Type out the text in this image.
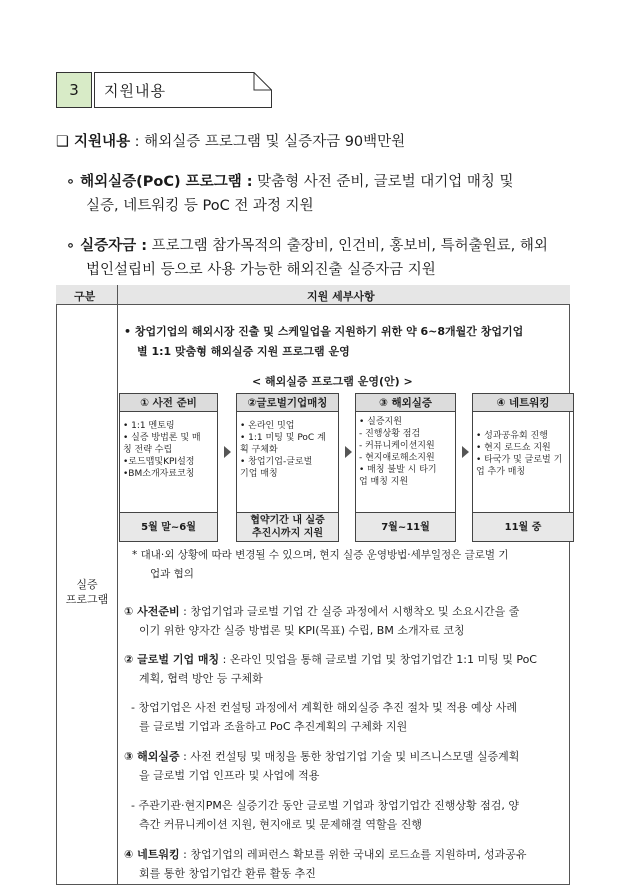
3 지원내용
❑ 지원내용 : 해외실증 프로그램 및 실증자금 90백만원
∘ 해외실증(PoC) 프로그램 : 맞춤형 사전 준비, 글로벌 대기업 매칭 및
실증, 네트워킹 등 PoC 전 과정 지원
∘ 실증자금 : 프로그램 참가목적의 출장비, 인건비, 홍보비, 특허출원료, 해외
법인설립비 등으로 사용 가능한 해외진출 실증자금 지원
구분	지원 세부사항
실증
프로그램
• 창업기업의 해외시장 진출 및 스케일업을 지원하기 위한 약 6~8개월간 창업기업
별 1:1 맞춤형 해외실증 지원 프로그램 운영
< 해외실증 프로그램 운영(안) >
① 사전 준비
• 1:1 멘토링
• 실증 방법론 및 매
칭 전략 수립
•로드맵및KPI설정
•BM소개자료코칭
5월 말~6월
②글로벌기업매칭
• 온라인 밋업
• 1:1 미팅 및 PoC 계
획 구체화
• 창업기업-글로벌
기업 매칭
협약기간 내 실증
추진시까지 지원
③ 해외실증
• 실증지원
- 진행상황 점검
- 커뮤니케이션지원
- 현지애로해소지원
• 매칭 불발 시 타기
업 매칭 지원
7월~11월
④ 네트워킹
• 성과공유회 진행
• 현지 로드쇼 지원
• 타국가 및 글로벌 기
업 추가 매칭
11월 중
* 대내·외 상황에 따라 변경될 수 있으며, 현지 실증 운영방법·세부일정은 글로벌 기
업과 협의
① 사전준비 : 창업기업과 글로벌 기업 간 실증 과정에서 시행착오 및 소요시간을 줄
이기 위한 양자간 실증 방법론 및 KPI(목표) 수립, BM 소개자료 코칭
② 글로벌 기업 매칭 : 온라인 밋업을 통해 글로벌 기업 및 창업기업간 1:1 미팅 및 PoC
계획, 협력 방안 등 구체화
- 창업기업은 사전 컨설팅 과정에서 계획한 해외실증 추진 절차 및 적용 예상 사례
를 글로벌 기업과 조율하고 PoC 추진계획의 구체화 지원
③ 해외실증 : 사전 컨설팅 및 매칭을 통한 창업기업 기술 및 비즈니스모델 실증계획
을 글로벌 기업 인프라 및 사업에 적용
- 주관기관·현지PM은 실증기간 동안 글로벌 기업과 창업기업간 진행상황 점검, 양
측간 커뮤니케이션 지원, 현지애로 및 문제해결 역할을 진행
④ 네트워킹 : 창업기업의 레퍼런스 확보를 위한 국내외 로드쇼를 지원하며, 성과공유
회를 통한 창업기업간 환류 활동 추진
